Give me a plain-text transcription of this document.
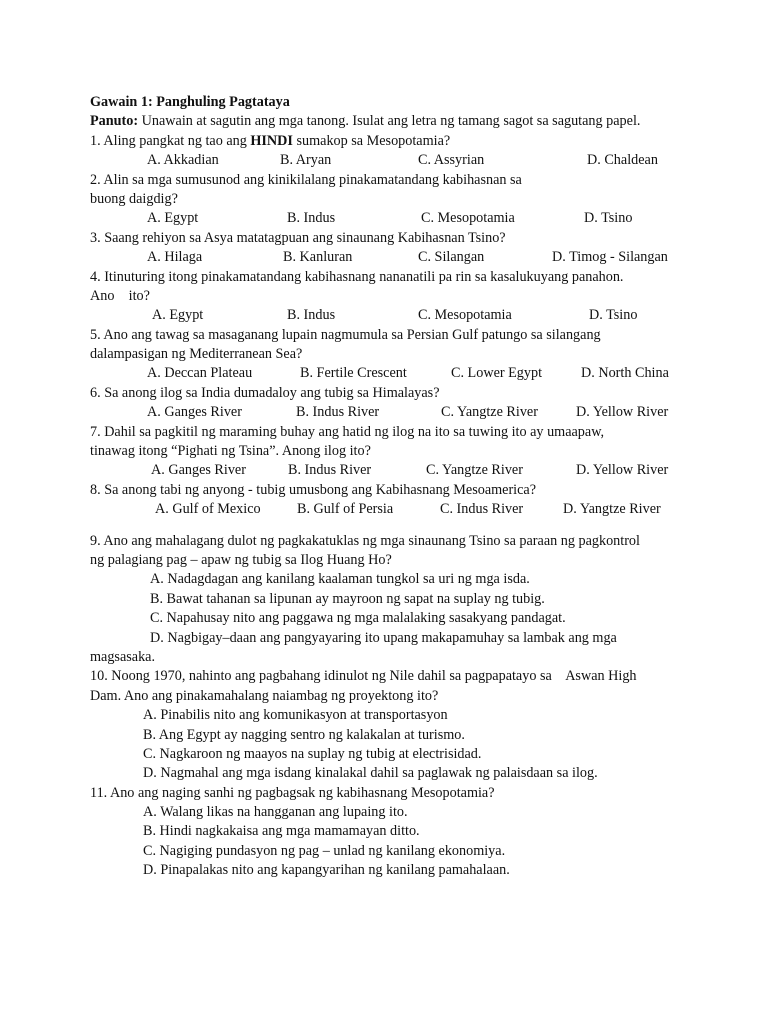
Gawain 1: Panghuling Pagtataya
Panuto: Unawain at sagutin ang mga tanong. Isulat ang letra ng tamang sagot sa sagutang papel.
1. Aling pangkat ng tao ang HINDI sumakop sa Mesopotamia?
A. Akkadian	B. Aryan	C. Assyrian	D. Chaldean
2. Alin sa mga sumusunod ang kinikilalang pinakamatandang kabihasnan sa
buong daigdig?
A. Egypt	B. Indus	C. Mesopotamia	D. Tsino
3. Saang rehiyon sa Asya matatagpuan ang sinaunang Kabihasnan Tsino?
A. Hilaga	B. Kanluran	C. Silangan	D. Timog - Silangan
4. Itinuturing itong pinakamatandang kabihasnang nananatili pa rin sa kasalukuyang panahon.
Ano    ito?
A. Egypt	B. Indus	C. Mesopotamia	D. Tsino
5. Ano ang tawag sa masaganang lupain nagmumula sa Persian Gulf patungo sa silangang
dalampasigan ng Mediterranean Sea?
A. Deccan Plateau	B. Fertile Crescent	C. Lower Egypt	D. North China
6. Sa anong ilog sa India dumadaloy ang tubig sa Himalayas?
A. Ganges River	B. Indus River	C. Yangtze River	D. Yellow River
7. Dahil sa pagkitil ng maraming buhay ang hatid ng ilog na ito sa tuwing ito ay umaapaw,
tinawag itong “Pighati ng Tsina”. Anong ilog ito?
A. Ganges River	B. Indus River	C. Yangtze River	D. Yellow River
8. Sa anong tabi ng anyong - tubig umusbong ang Kabihasnang Mesoamerica?
A. Gulf of Mexico	B. Gulf of Persia	C. Indus River	D. Yangtze River
9. Ano ang mahalagang dulot ng pagkakatuklas ng mga sinaunang Tsino sa paraan ng pagkontrol
ng palagiang pag – apaw ng tubig sa Ilog Huang Ho?
A. Nadagdagan ang kanilang kaalaman tungkol sa uri ng mga isda.
B. Bawat tahanan sa lipunan ay mayroon ng sapat na suplay ng tubig.
C. Napahusay nito ang paggawa ng mga malalaking sasakyang pandagat.
D. Nagbigay–daan ang pangyayaring ito upang makapamuhay sa lambak ang mga
magsasaka.
10. Noong 1970, nahinto ang pagbahang idinulot ng Nile dahil sa pagpapatayo sa    Aswan High
Dam. Ano ang pinakamahalang naiambag ng proyektong ito?
A. Pinabilis nito ang komunikasyon at transportasyon
B. Ang Egypt ay nagging sentro ng kalakalan at turismo.
C. Nagkaroon ng maayos na suplay ng tubig at electrisidad.
D. Nagmahal ang mga isdang kinalakal dahil sa paglawak ng palaisdaan sa ilog.
11. Ano ang naging sanhi ng pagbagsak ng kabihasnang Mesopotamia?
A. Walang likas na hangganan ang lupaing ito.
B. Hindi nagkakaisa ang mga mamamayan ditto.
C. Nagiging pundasyon ng pag – unlad ng kanilang ekonomiya.
D. Pinapalakas nito ang kapangyarihan ng kanilang pamahalaan.
